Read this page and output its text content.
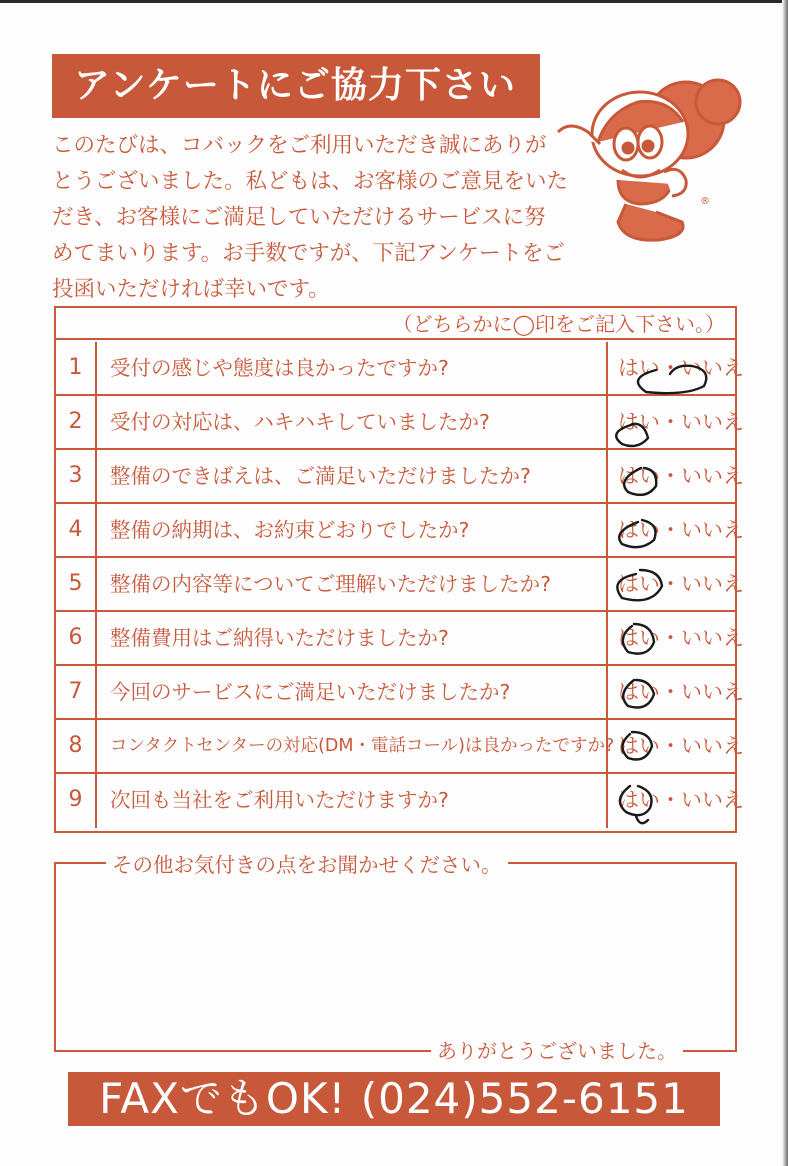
アンケートにご協力下さい
このたびは、コバックをご利用いただき誠にありが
とうございました。私どもは、お客様のご意見をいた
だき、お客様にご満足していただけるサービスに努
めてまいります。お手数ですが、下記アンケートをご
投函いただければ幸いです。
®
（どちらかに◯印をご記入下さい。）
1	受付の感じや態度は良かったですか?	はい・いいえ
2	受付の対応は、ハキハキしていましたか?	はい・いいえ
3	整備のできばえは、ご満足いただけましたか?	はい・いいえ
4	整備の納期は、お約束どおりでしたか?	はい・いいえ
5	整備の内容等についてご理解いただけましたか?	はい・いいえ
6	整備費用はご納得いただけましたか?	はい・いいえ
7	今回のサービスにご満足いただけましたか?	はい・いいえ
8	コンタクトセンターの対応(DM・電話コール)は良かったですか? はい・いいえ
9	次回も当社をご利用いただけますか?	はい・いいえ
その他お気付きの点をお聞かせください。
ありがとうございました。
FAXでもOK! (024)552-6151
